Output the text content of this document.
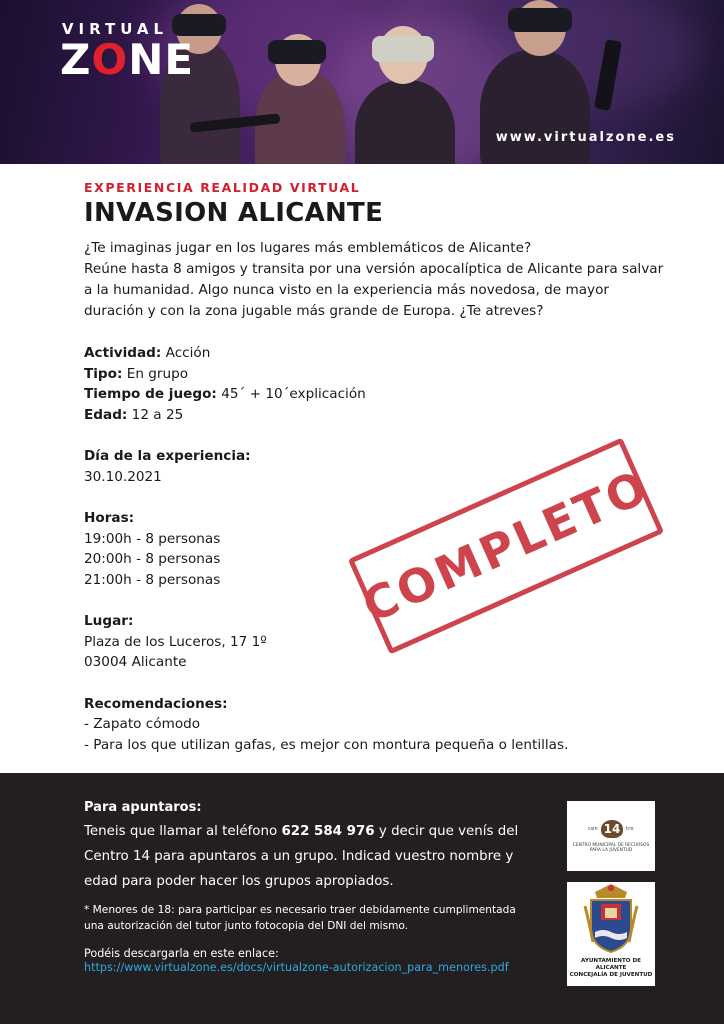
VIRTUAL
ZONE
www.virtualzone.es
EXPERIENCIA REALIDAD VIRTUAL
INVASION ALICANTE
¿Te imaginas jugar en los lugares más emblemáticos de Alicante?
Reúne hasta 8 amigos y transita por una versión apocalíptica de Alicante para salvar a la humanidad. Algo nunca visto en la experiencia más novedosa, de mayor duración y con la zona jugable más grande de Europa. ¿Te atreves?
Actividad: Acción
Tipo: En grupo
Tiempo de juego: 45´ + 10´explicación
Edad: 12 a 25
Día de la experiencia:
30.10.2021
Horas:
19:00h - 8 personas
20:00h - 8 personas
21:00h - 8 personas
Lugar:
Plaza de los Luceros, 17 1º
03004 Alicante
Recomendaciones:
- Zapato cómodo
- Para los que utilizan gafas, es mejor con montura pequeña o lentillas.
COMPLETO
Para apuntaros:
Teneis que llamar al teléfono 622 584 976 y decir que venís del Centro 14 para apuntaros a un grupo. Indicad vuestro nombre y edad para poder hacer los grupos apropiados.
* Menores de 18: para participar es necesario traer debidamente cumplimentada una autorización del tutor junto fotocopia del DNI del mismo.
Podéis descargarla en este enlace:
https://www.virtualzone.es/docs/virtualzone-autorizacion_para_menores.pdf
cen 14	tro
CENTRO MUNICIPAL DE RECURSOS PARA LA JUVENTUD
AYUNTAMIENTO DE ALICANTE
CONCEJALÍA DE JUVENTUD
